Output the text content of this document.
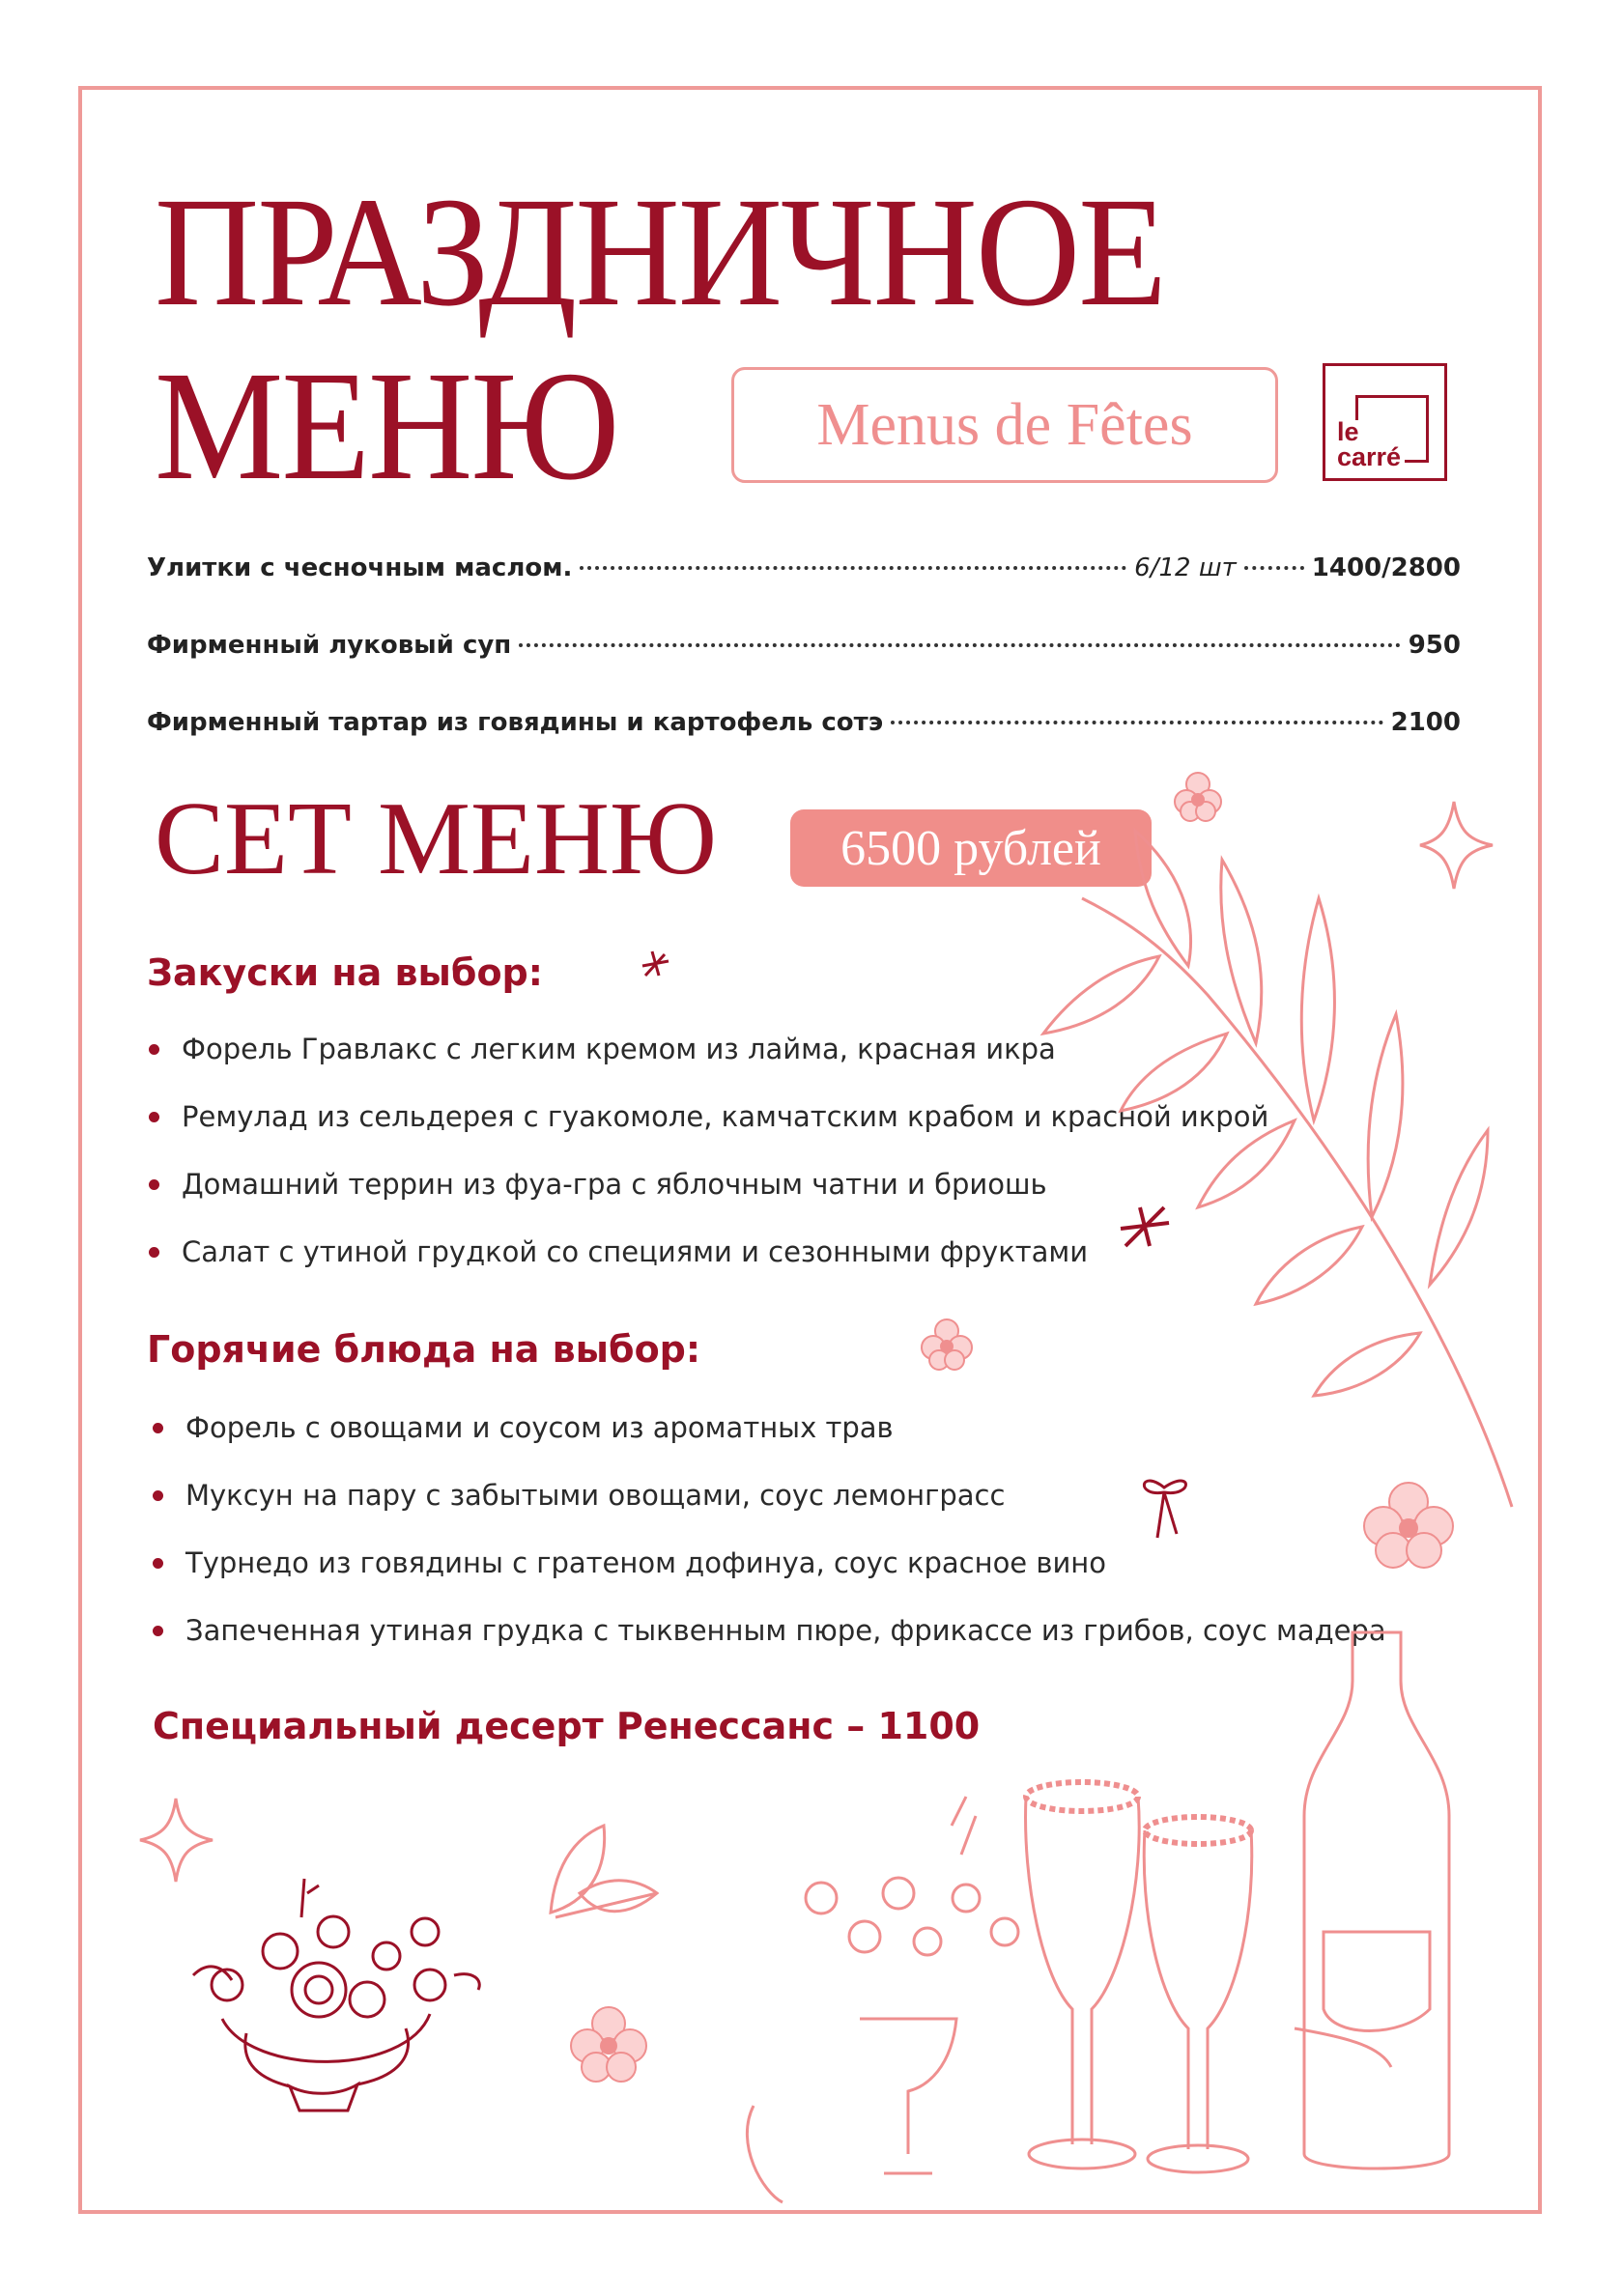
ПРАЗДНИЧНОЕ
МЕНЮ	Menus de Fêtes	le
carré
Улитки с чесночным маслом.	6/12 шт	1400/2800
Фирменный луковый суп	950
Фирменный тартар из говядины и картофель сотэ	2100
СЕТ МЕНЮ 6500 рублей
Закуски на выбор:
Форель Гравлакс с легким кремом из лайма, красная икра
Ремулад из сельдерея с гуакомоле, камчатским крабом и красной икрой
Домашний террин из фуа-гра с яблочным чатни и бриошь
Салат с утиной грудкой со специями и сезонными фруктами
Горячие блюда на выбор:
Форель с овощами и соусом из ароматных трав
Муксун на пару с забытыми овощами, соус лемонграсс
Турнедо из говядины с гратеном дофинуа, соус красное вино
Запеченная утиная грудка с тыквенным пюре, фрикассе из грибов, соус мадера
Специальный десерт Ренессанс – 1100
